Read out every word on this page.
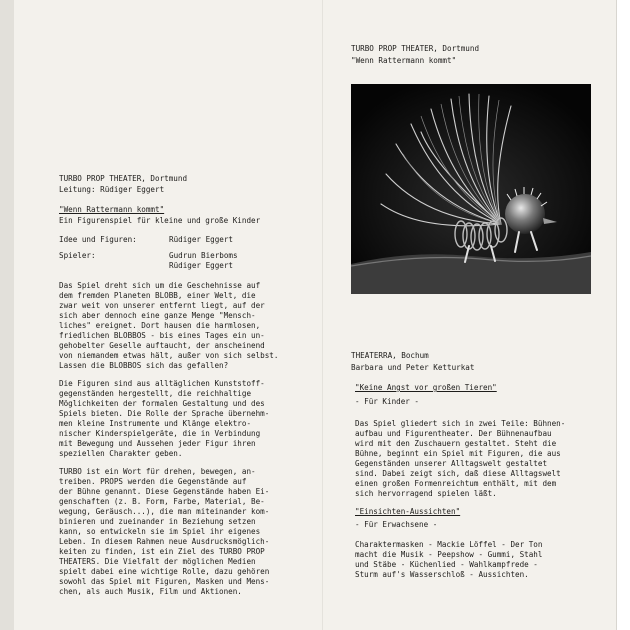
TURBO PROP THEATER, Dortmund
Leitung: Rüdiger Eggert
"Wenn Rattermann kommt"
Ein Figurenspiel für kleine und große Kinder
Idee und Figuren:	Rüdiger Eggert
Spieler:	Gudrun Bierboms
Rüdiger Eggert
Das Spiel dreht sich um die Geschehnisse auf
dem fremden Planeten BLOBB, einer Welt, die
zwar weit von unserer entfernt liegt, auf der
sich aber dennoch eine ganze Menge "Mensch-
liches" ereignet. Dort hausen die harmlosen,
friedlichen BLOBBOS - bis eines Tages ein un-
gehobelter Geselle auftaucht, der anscheinend
von niemandem etwas hält, außer von sich selbst.
Lassen die BLOBBOS sich das gefallen?
Die Figuren sind aus alltäglichen Kunststoff-
gegenständen hergestellt, die reichhaltige
Möglichkeiten der formalen Gestaltung und des
Spiels bieten. Die Rolle der Sprache übernehm-
men kleine Instrumente und Klänge elektro-
nischer Kinderspielgeräte, die in Verbindung
mit Bewegung und Aussehen jeder Figur ihren
speziellen Charakter geben.
TURBO ist ein Wort für drehen, bewegen, an-
treiben. PROPS werden die Gegenstände auf
der Bühne genannt. Diese Gegenstände haben Ei-
genschaften (z. B. Form, Farbe, Material, Be-
wegung, Geräusch...), die man miteinander kom-
binieren und zueinander in Beziehung setzen
kann, so entwickeln sie im Spiel ihr eigenes
Leben. In diesem Rahmen neue Ausdrucksmöglich-
keiten zu finden, ist ein Ziel des TURBO PROP
THEATERS. Die Vielfalt der möglichen Medien
spielt dabei eine wichtige Rolle, dazu gehören
sowohl das Spiel mit Figuren, Masken und Mens-
chen, als auch Musik, Film und Aktionen.
TURBO PROP THEATER, Dortmund
"Wenn Rattermann kommt"
THEATERRA, Bochum
Barbara und Peter Ketturkat
"Keine Angst vor großen Tieren"
- Für Kinder -
Das Spiel gliedert sich in zwei Teile: Bühnen-
aufbau und Figurentheater. Der Bühnenaufbau
wird mit den Zuschauern gestaltet. Steht die
Bühne, beginnt ein Spiel mit Figuren, die aus
Gegenständen unserer Alltagswelt gestaltet
sind. Dabei zeigt sich, daß diese Alltagswelt
einen großen Formenreichtum enthält, mit dem
sich hervorragend spielen läßt.
"Einsichten-Aussichten"
- Für Erwachsene -
Charaktermasken - Mackie Löffel - Der Ton
macht die Musik - Peepshow - Gummi, Stahl
und Stäbe - Küchenlied - Wahlkampfrede -
Sturm auf's Wasserschloß - Aussichten.
